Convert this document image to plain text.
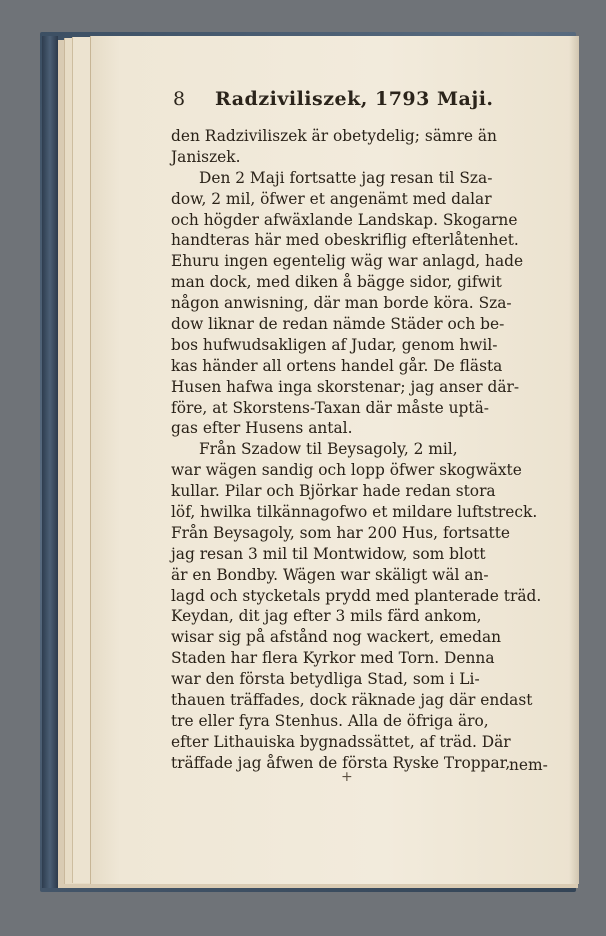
8 Radziviliszek, 1793 Maji.
den Radziviliszek är obetydelig; sämre än
Janiszek.
Den 2 Maji fortsatte jag resan til Sza-
dow, 2 mil, öfwer et angenämt med dalar
och högder afwäxlande Landskap. Skogarne
handteras här med obeskriflig efterlåtenhet.
Ehuru ingen egentelig wäg war anlagd, hade
man dock, med diken å bägge sidor, gifwit
någon anwisning, där man borde köra. Sza-
dow liknar de redan nämde Städer och be-
bos hufwudsakligen af Judar, genom hwil-
kas händer all ortens handel går. De flästa
Husen hafwa inga skorstenar; jag anser där-
före, at Skorstens-Taxan där måste uptä-
gas efter Husens antal.
Från Szadow til Beysagoly, 2 mil,
war wägen sandig och lopp öfwer skogwäxte
kullar. Pilar och Björkar hade redan stora
löf, hwilka tilkännagofwo et mildare luftstreck.
Från Beysagoly, som har 200 Hus, fortsatte
jag resan 3 mil til Montwidow, som blott
är en Bondby. Wägen war skäligt wäl an-
lagd och stycketals prydd med planterade träd.
Keydan, dit jag efter 3 mils färd ankom,
wisar sig på afstånd nog wackert, emedan
Staden har flera Kyrkor med Torn. Denna
war den första betydliga Stad, som i Li-
thauen träffades, dock räknade jag där endast
tre eller fyra Stenhus. Alla de öfriga äro,
efter Lithauiska bygnadssättet, af träd. Där
träffade jag åfwen de första Ryske Troppar,
+
nem-
